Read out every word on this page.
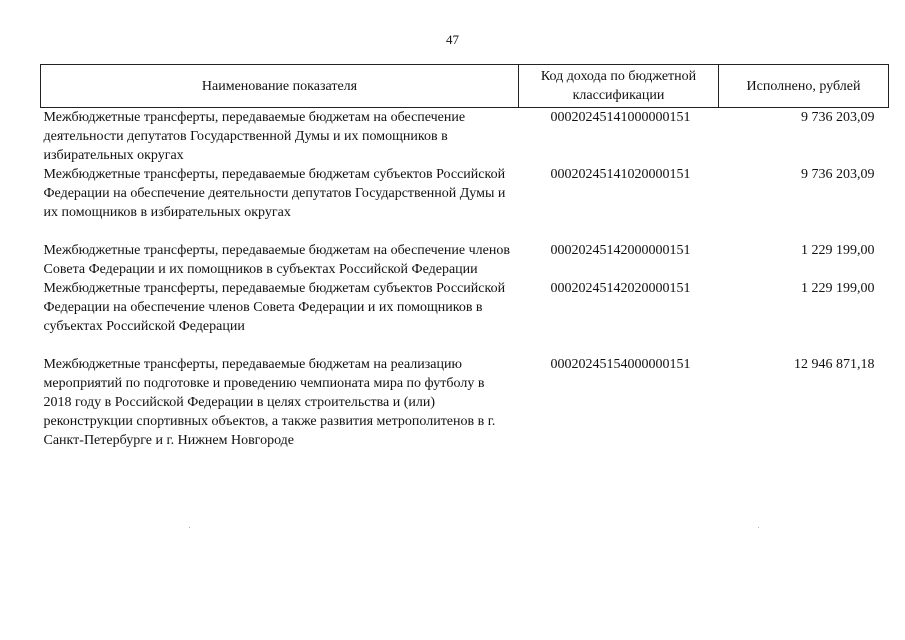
47
Наименование показателя	Код дохода по бюджетной классификации	Исполнено, рублей
Межбюджетные трансферты, передаваемые бюджетам на обеспечение деятельности депутатов Государственной Думы и их помощников в избирательных округах	00020245141000000151	9 736 203,09
Межбюджетные трансферты, передаваемые бюджетам субъектов Российской Федерации на обеспечение деятельности депутатов Государственной Думы и их помощников в избирательных округах	00020245141020000151	9 736 203,09
Межбюджетные трансферты, передаваемые бюджетам на обеспечение членов Совета Федерации и их помощников в субъектах Российской Федерации	00020245142000000151	1 229 199,00
Межбюджетные трансферты, передаваемые бюджетам субъектов Российской Федерации на обеспечение членов Совета Федерации и их помощников в субъектах Российской Федерации	00020245142020000151	1 229 199,00
Межбюджетные трансферты, передаваемые бюджетам на реализацию мероприятий по подготовке и проведению чемпионата мира по футболу в 2018 году в Российской Федерации в целях строительства и (или) реконструкции спортивных объектов, а также развития метрополитенов в г. Санкт-Петербурге и г. Нижнем Новгороде	00020245154000000151	12 946 871,18
